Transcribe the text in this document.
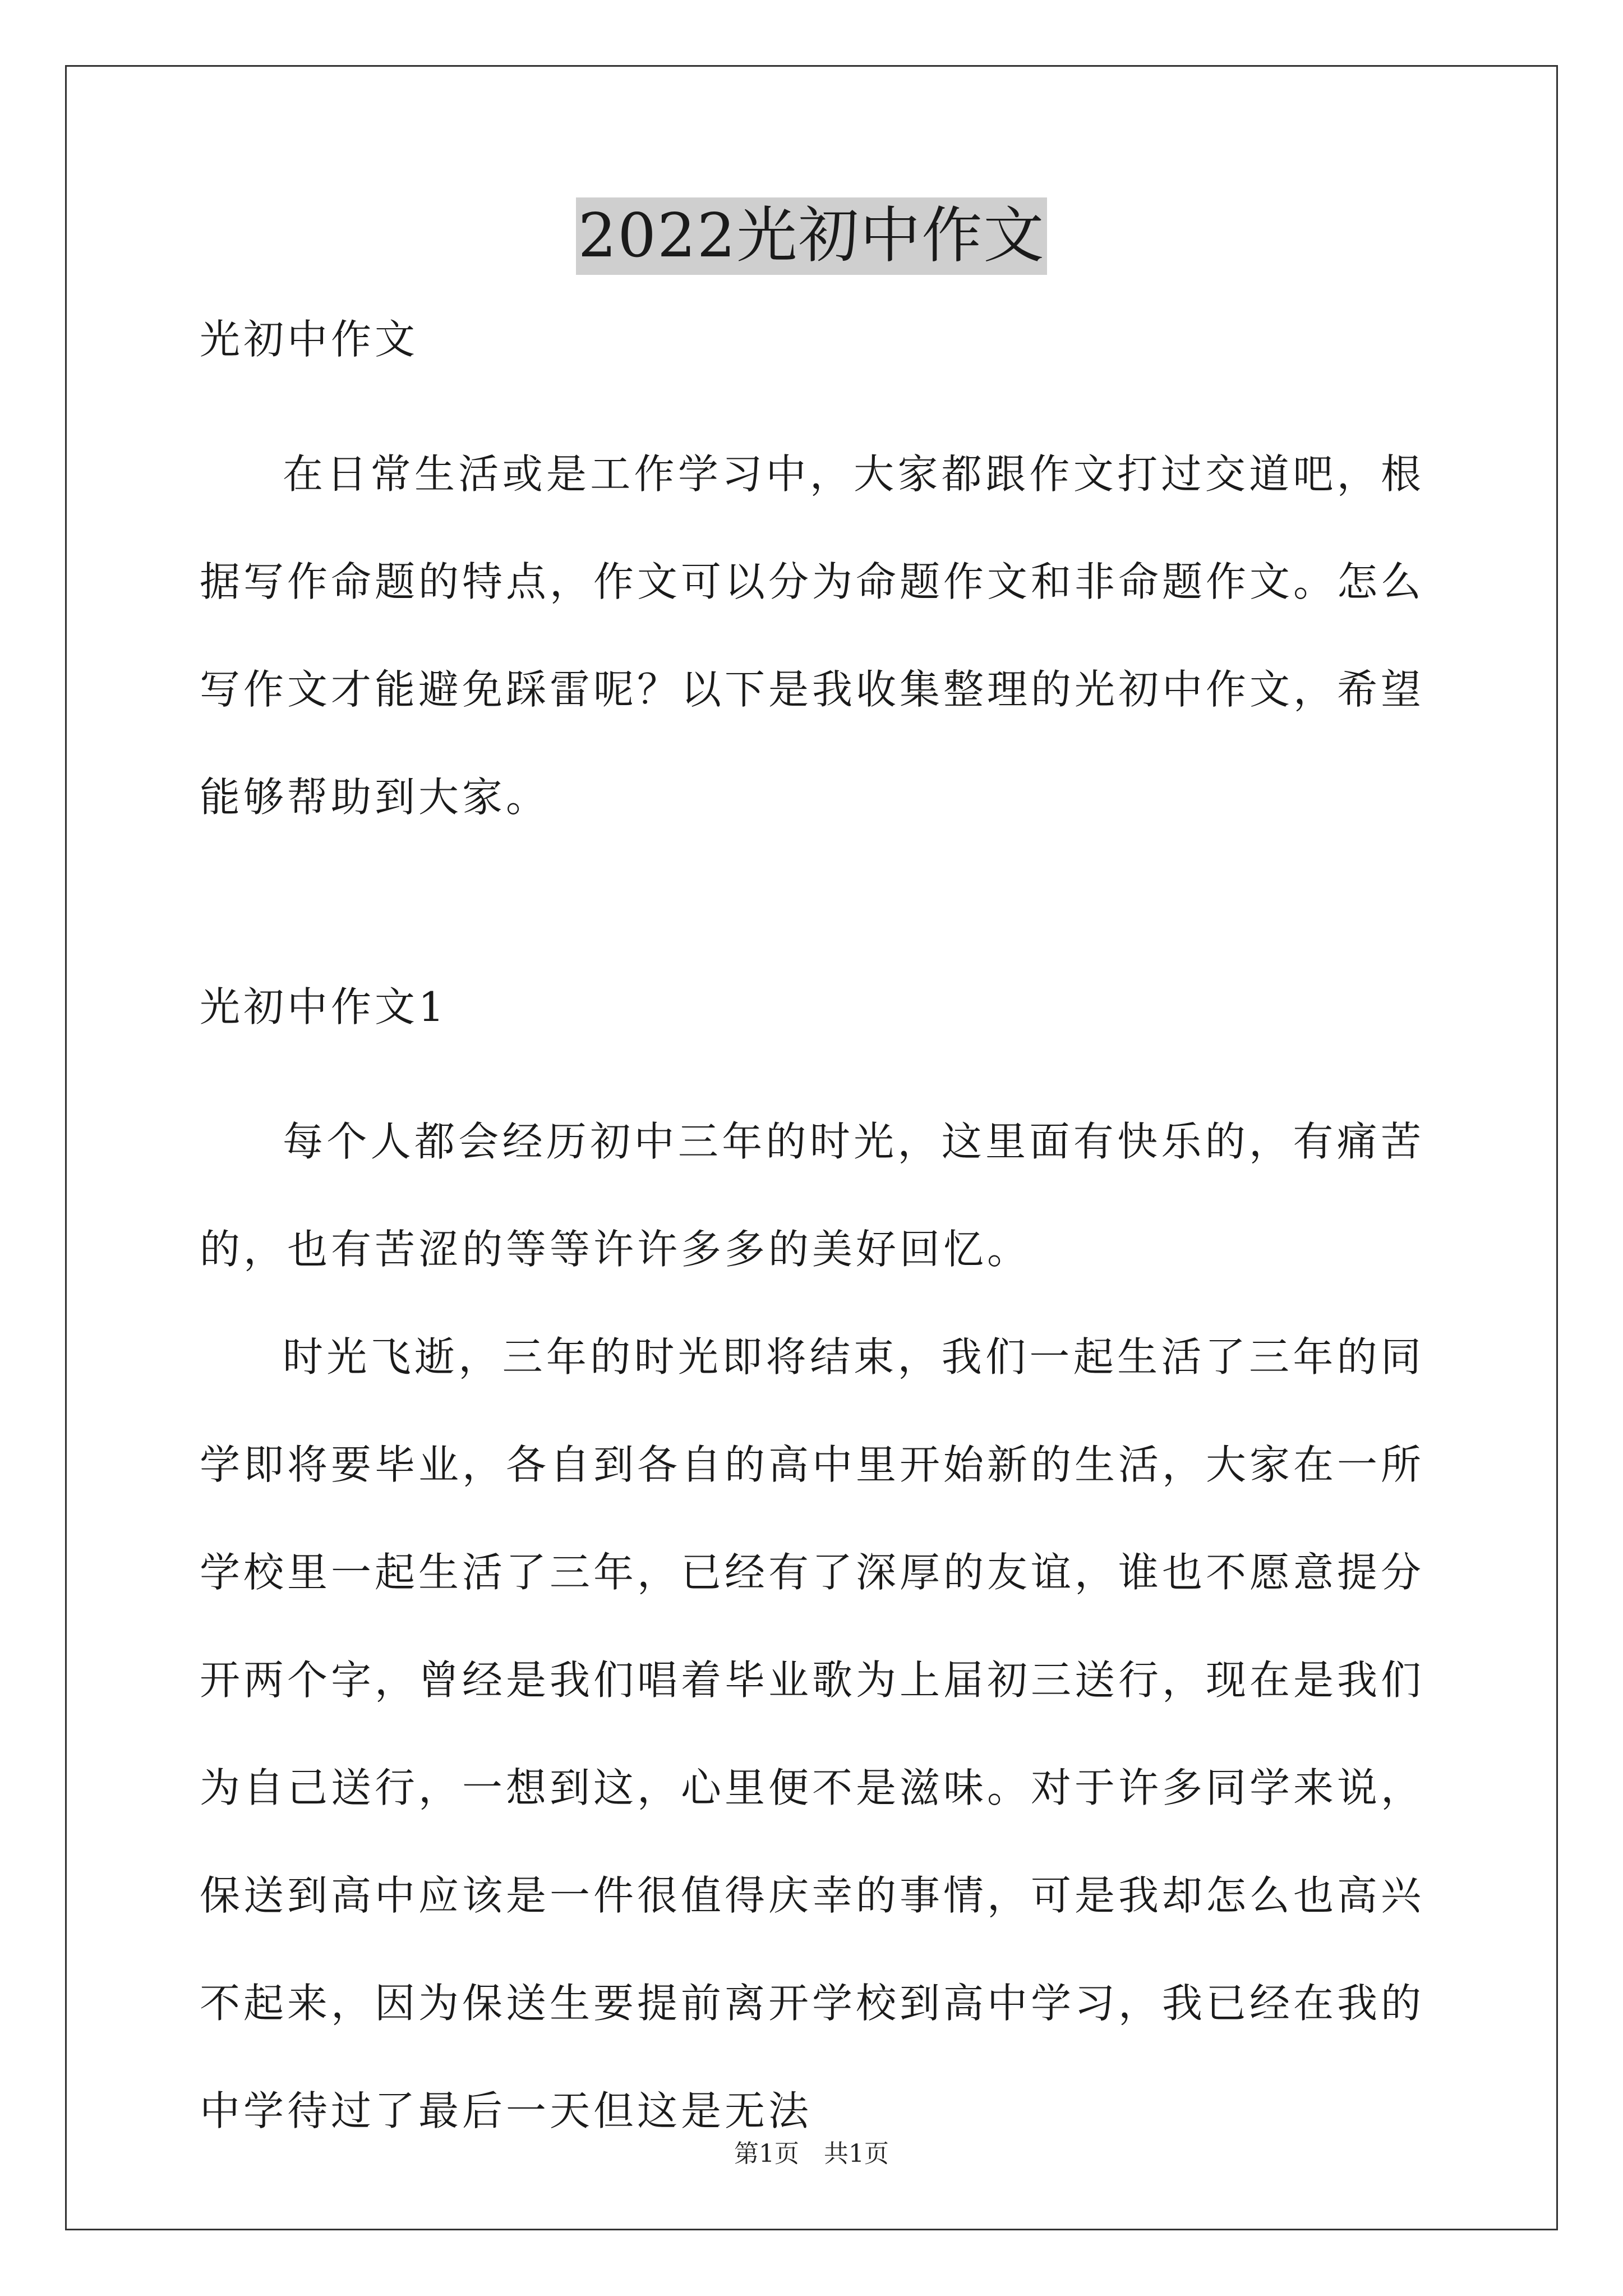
2022光初中作文

光初中作文

在日常生活或是工作学习中，大家都跟作文打过交道吧，根据写作命题的特点，作文可以分为命题作文和非命题作文。怎么写作文才能避免踩雷呢？以下是我收集整理的光初中作文，希望能够帮助到大家。

光初中作文1

每个人都会经历初中三年的时光，这里面有快乐的，有痛苦的，也有苦涩的等等许许多多的美好回忆。

时光飞逝，三年的时光即将结束，我们一起生活了三年的同学即将要毕业，各自到各自的高中里开始新的生活，大家在一所学校里一起生活了三年，已经有了深厚的友谊，谁也不愿意提分开两个字，曾经是我们唱着毕业歌为上届初三送行，现在是我们为自己送行，一想到这，心里便不是滋味。对于许多同学来说，保送到高中应该是一件很值得庆幸的事情，可是我却怎么也高兴不起来，因为保送生要提前离开学校到高中学习，我已经在我的中学待过了最后一天但这是无法

第1页　共1页
